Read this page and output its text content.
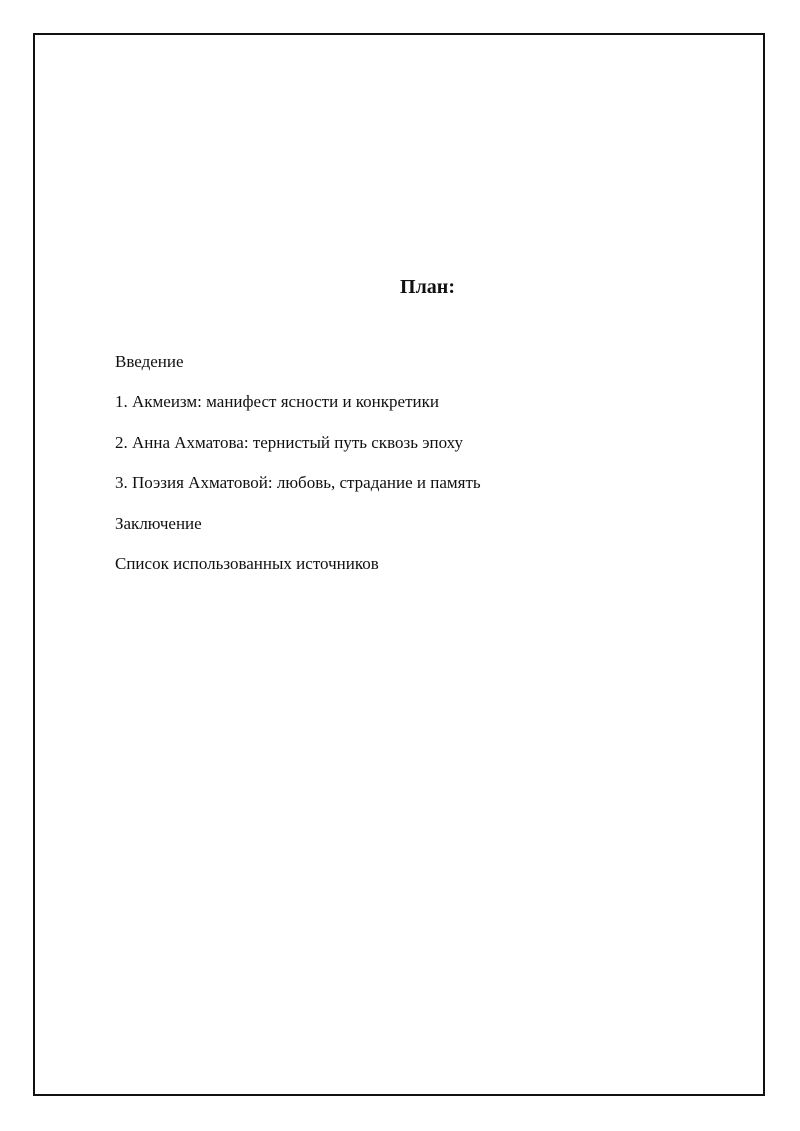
План:
Введение
1. Акмеизм: манифест ясности и конкретики
2. Анна Ахматова: тернистый путь сквозь эпоху
3. Поэзия Ахматовой: любовь, страдание и память
Заключение
Список использованных источников
